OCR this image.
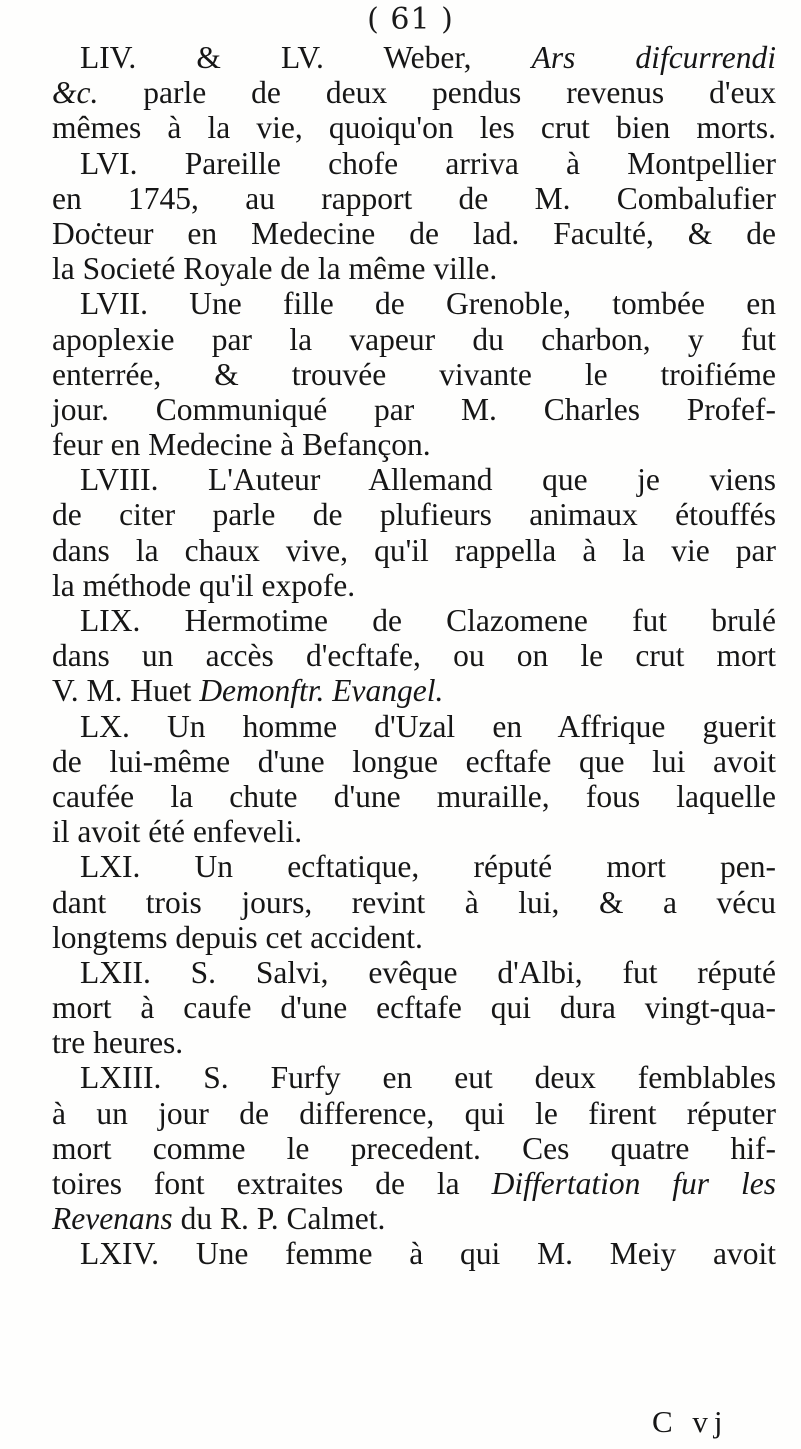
( 61 )
LIV. & LV. Weber, Ars difcurrendi
&c. parle de deux pendus revenus d'eux
mêmes à la vie, quoiqu'on les crut bien morts.
LVI. Pareille chofe arriva à Montpellier
en 1745, au rapport de M. Combalufier
Doċteur en Medecine de lad. Faculté, & de
la Societé Royale de la même ville.
LVII. Une fille de Grenoble, tombée en
apoplexie par la vapeur du charbon, y fut
enterrée, & trouvée vivante le troifiéme
jour. Communiqué par M. Charles Profef-
feur en Medecine à Befançon.
LVIII. L'Auteur Allemand que je viens
de citer parle de plufieurs animaux étouffés
dans la chaux vive, qu'il rappella à la vie par
la méthode qu'il expofe.
LIX. Hermotime de Clazomene fut brulé
dans un accès d'ecftafe, ou on le crut mort
V. M. Huet Demonftr. Evangel.
LX. Un homme d'Uzal en Affrique guerit
de lui-même d'une longue ecftafe que lui avoit
caufée la chute d'une muraille, fous laquelle
il avoit été enfeveli.
LXI. Un ecftatique, réputé mort pen-
dant trois jours, revint à lui, & a vécu
longtems depuis cet accident.
LXII. S. Salvi, evêque d'Albi, fut réputé
mort à caufe d'une ecftafe qui dura vingt-qua-
tre heures.
LXIII. S. Furfy en eut deux femblables
à un jour de difference, qui le firent réputer
mort comme le precedent. Ces quatre hif-
toires font extraites de la Differtation fur les
Revenans du R. P. Calmet.
LXIV. Une femme à qui M. Meiy avoit
C vj
